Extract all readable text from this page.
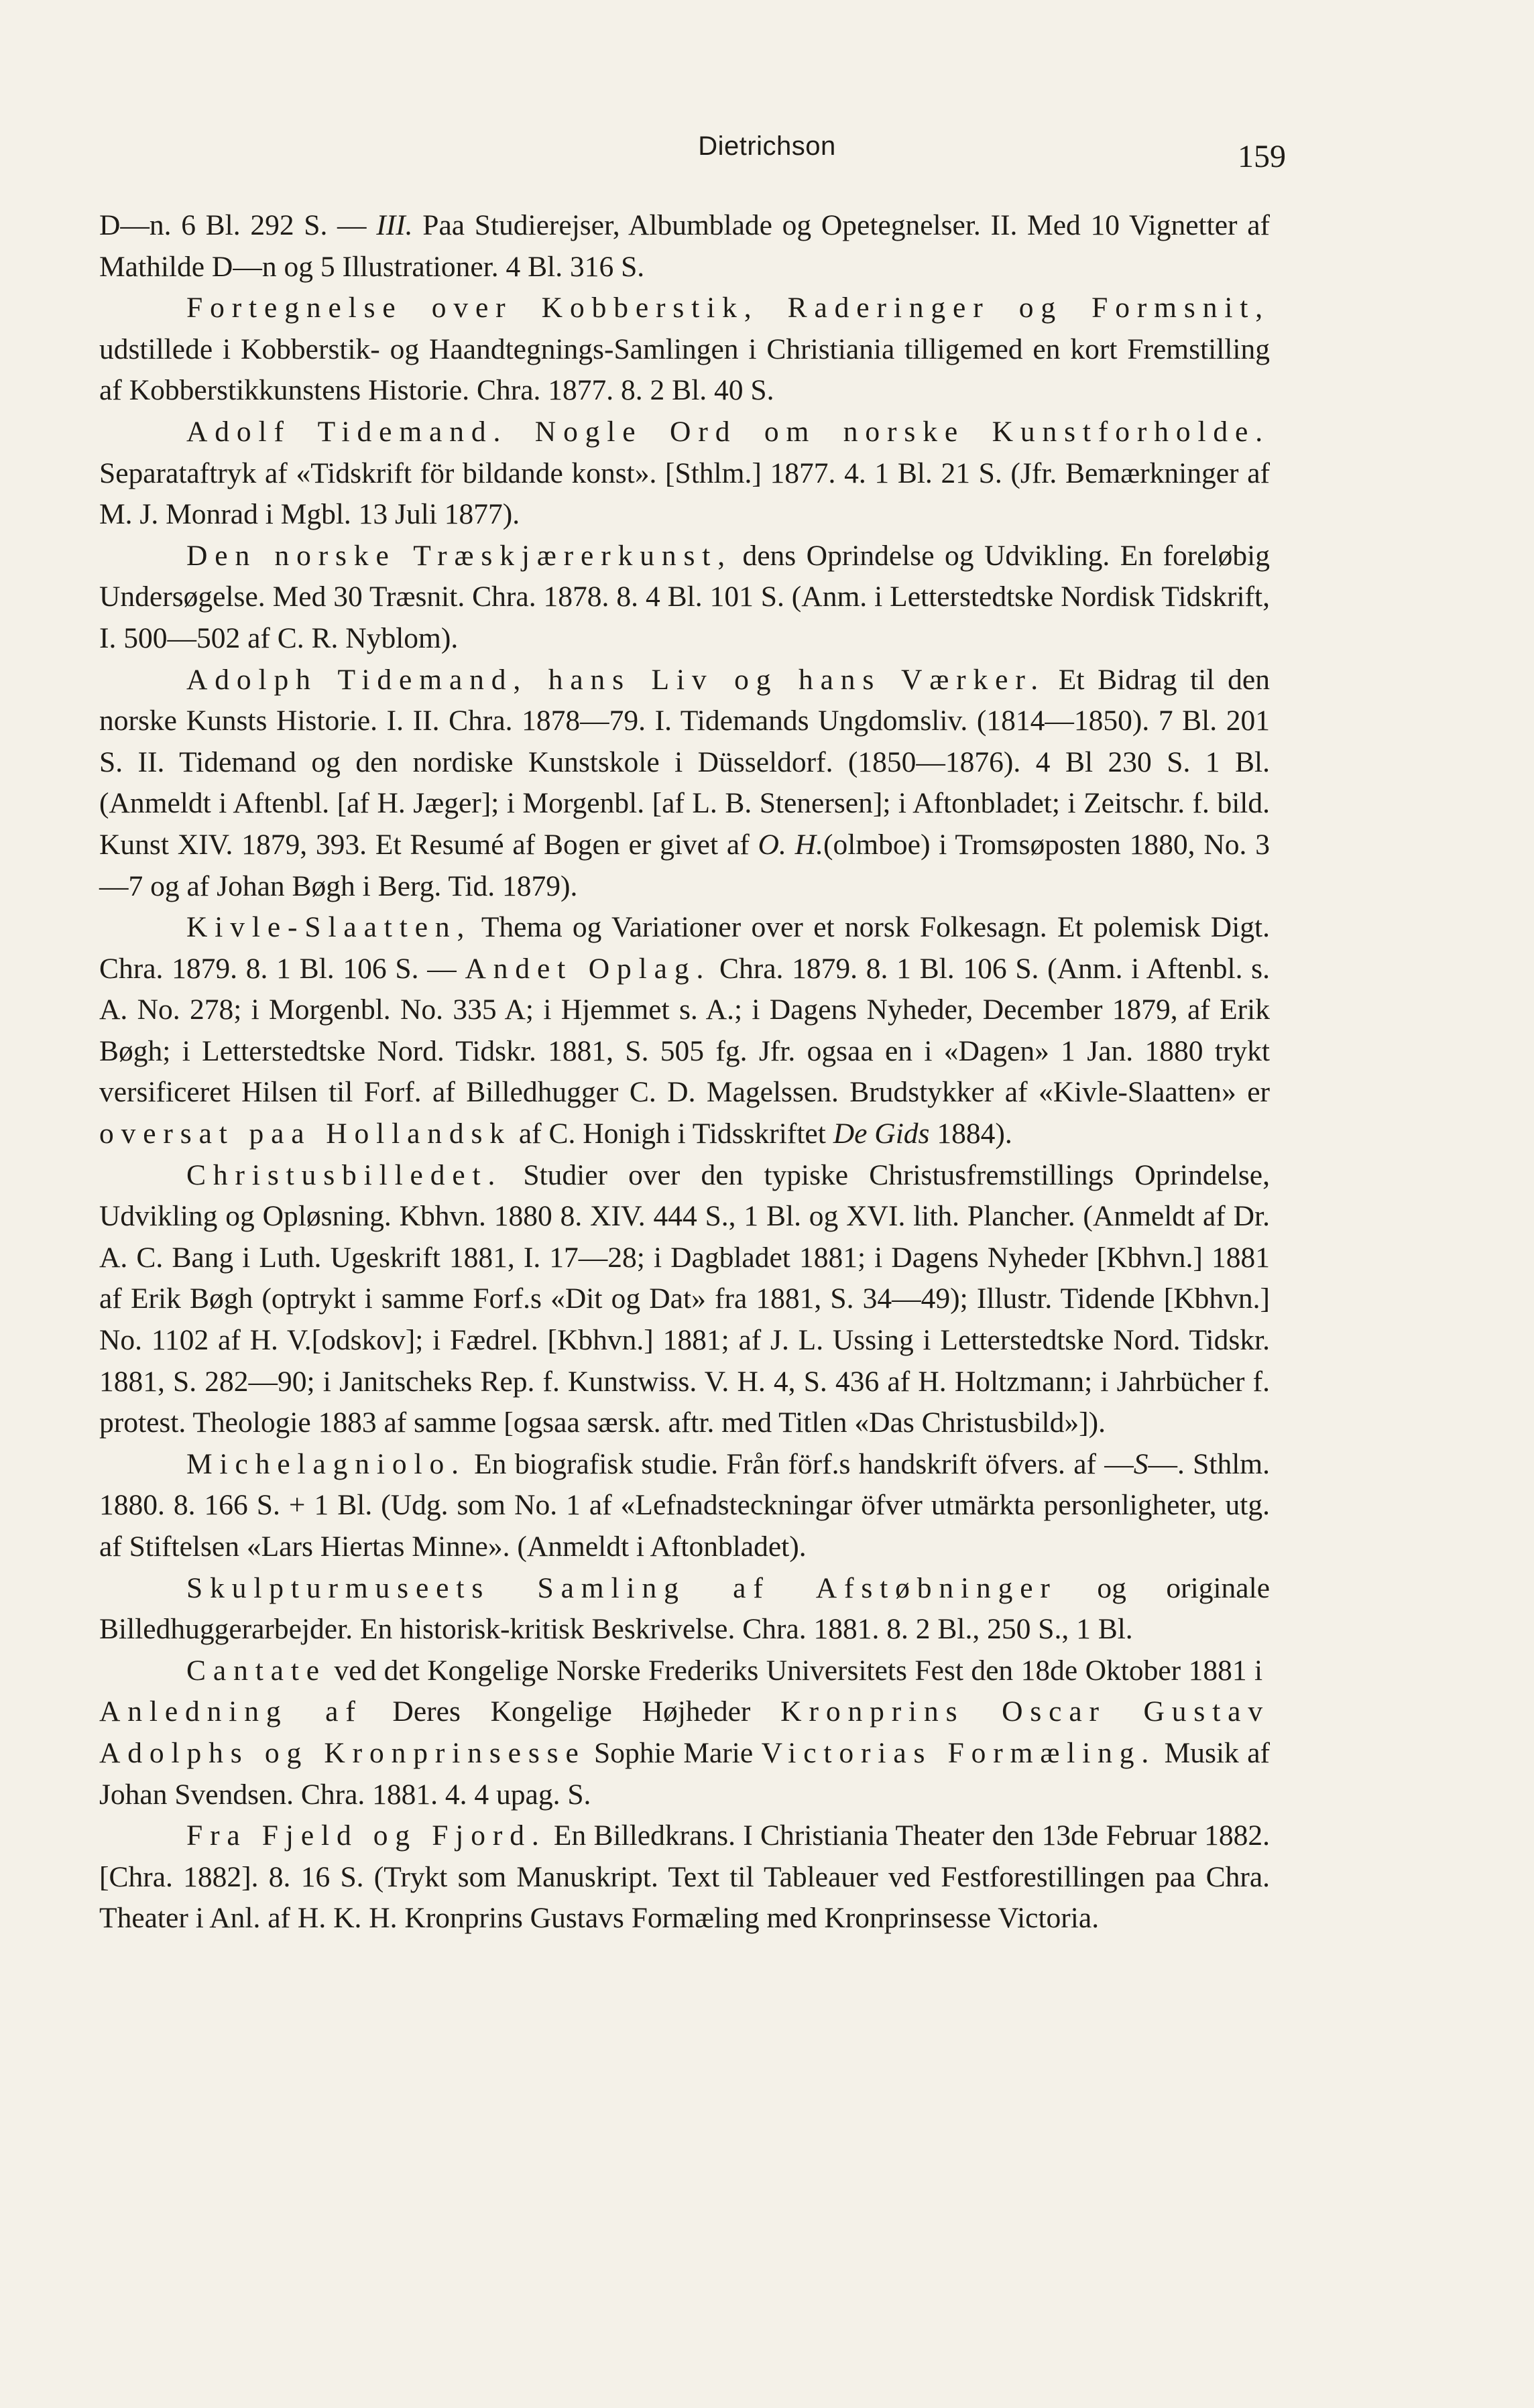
Dietrichson	159

D—n. 6 Bl. 292 S. — III. Paa Studierejser, Albumblade og Opetegnelser. II. Med 10 Vignetter af Mathilde D—n og 5 Illustrationer. 4 Bl. 316 S.

Fortegnelse over Kobberstik, Raderinger og Formsnit, udstillede i Kobberstik- og Haandtegnings-Samlingen i Christiania tilligemed en kort Fremstilling af Kobberstikkunstens Historie. Chra. 1877. 8. 2 Bl. 40 S.

Adolf Tidemand. Nogle Ord om norske Kunstforholde. Separataftryk af «Tidskrift för bildande konst». [Sthlm.] 1877. 4. 1 Bl. 21 S. (Jfr. Bemærkninger af M. J. Monrad i Mgbl. 13 Juli 1877).

Den norske Træskjærerkunst, dens Oprindelse og Udvikling. En foreløbig Undersøgelse. Med 30 Træsnit. Chra. 1878. 8. 4 Bl. 101 S. (Anm. i Letterstedtske Nordisk Tidskrift, I. 500—502 af C. R. Nyblom).

Adolph Tidemand, hans Liv og hans Værker. Et Bidrag til den norske Kunsts Historie. I. II. Chra. 1878—79. I. Tidemands Ungdomsliv. (1814—1850). 7 Bl. 201 S. II. Tidemand og den nordiske Kunstskole i Düsseldorf. (1850—1876). 4 Bl 230 S. 1 Bl. (Anmeldt i Aftenbl. [af H. Jæger]; i Morgenbl. [af L. B. Stenersen]; i Aftonbladet; i Zeitschr. f. bild. Kunst XIV. 1879, 393. Et Resumé af Bogen er givet af O. H.(olmboe) i Tromsøposten 1880, No. 3—7 og af Johan Bøgh i Berg. Tid. 1879).

Kivle-Slaatten, Thema og Variationer over et norsk Folkesagn. Et polemisk Digt. Chra. 1879. 8. 1 Bl. 106 S. — Andet Oplag. Chra. 1879. 8. 1 Bl. 106 S. (Anm. i Aftenbl. s. A. No. 278; i Morgenbl. No. 335 A; i Hjemmet s. A.; i Dagens Nyheder, December 1879, af Erik Bøgh; i Letterstedtske Nord. Tidskr. 1881, S. 505 fg. Jfr. ogsaa en i «Dagen» 1 Jan. 1880 trykt versificeret Hilsen til Forf. af Billedhugger C. D. Magelssen. Brudstykker af «Kivle-Slaatten» er oversat paa Hollandsk af C. Honigh i Tidsskriftet De Gids 1884).

Christusbilledet. Studier over den typiske Christusfremstillings Oprindelse, Udvikling og Opløsning. Kbhvn. 1880 8. XIV. 444 S., 1 Bl. og XVI. lith. Plancher. (Anmeldt af Dr. A. C. Bang i Luth. Ugeskrift 1881, I. 17—28; i Dagbladet 1881; i Dagens Nyheder [Kbhvn.] 1881 af Erik Bøgh (optrykt i samme Forf.s «Dit og Dat» fra 1881, S. 34—49); Illustr. Tidende [Kbhvn.] No. 1102 af H. V.[odskov]; i Fædrel. [Kbhvn.] 1881; af J. L. Ussing i Letterstedtske Nord. Tidskr. 1881, S. 282—90; i Janitscheks Rep. f. Kunstwiss. V. H. 4, S. 436 af H. Holtzmann; i Jahrbücher f. protest. Theologie 1883 af samme [ogsaa særsk. aftr. med Titlen «Das Christusbild»]).

Michelagniolo. En biografisk studie. Från förf.s handskrift öfvers. af —S—. Sthlm. 1880. 8. 166 S. + 1 Bl. (Udg. som No. 1 af «Lefnadsteckningar öfver utmärkta personligheter, utg. af Stiftelsen «Lars Hiertas Minne». (Anmeldt i Aftonbladet).

Skulpturmuseets Samling af Afstøbninger og originale Billedhuggerarbejder. En historisk-kritisk Beskrivelse. Chra. 1881. 8. 2 Bl., 250 S., 1 Bl.

Cantate ved det Kongelige Norske Frederiks Universitets Fest den 18de Oktober 1881 i Anledning af Deres Kongelige Højheder Kronprins Oscar Gustav Adolphs og Kronprinsesse Sophie Marie Victorias Formæling. Musik af Johan Svendsen. Chra. 1881. 4. 4 upag. S.

Fra Fjeld og Fjord. En Billedkrans. I Christiania Theater den 13de Februar 1882. [Chra. 1882]. 8. 16 S. (Trykt som Manuskript. Text til Tableauer ved Festforestillingen paa Chra. Theater i Anl. af H. K. H. Kronprins Gustavs Formæling med Kronprinsesse Victoria.
